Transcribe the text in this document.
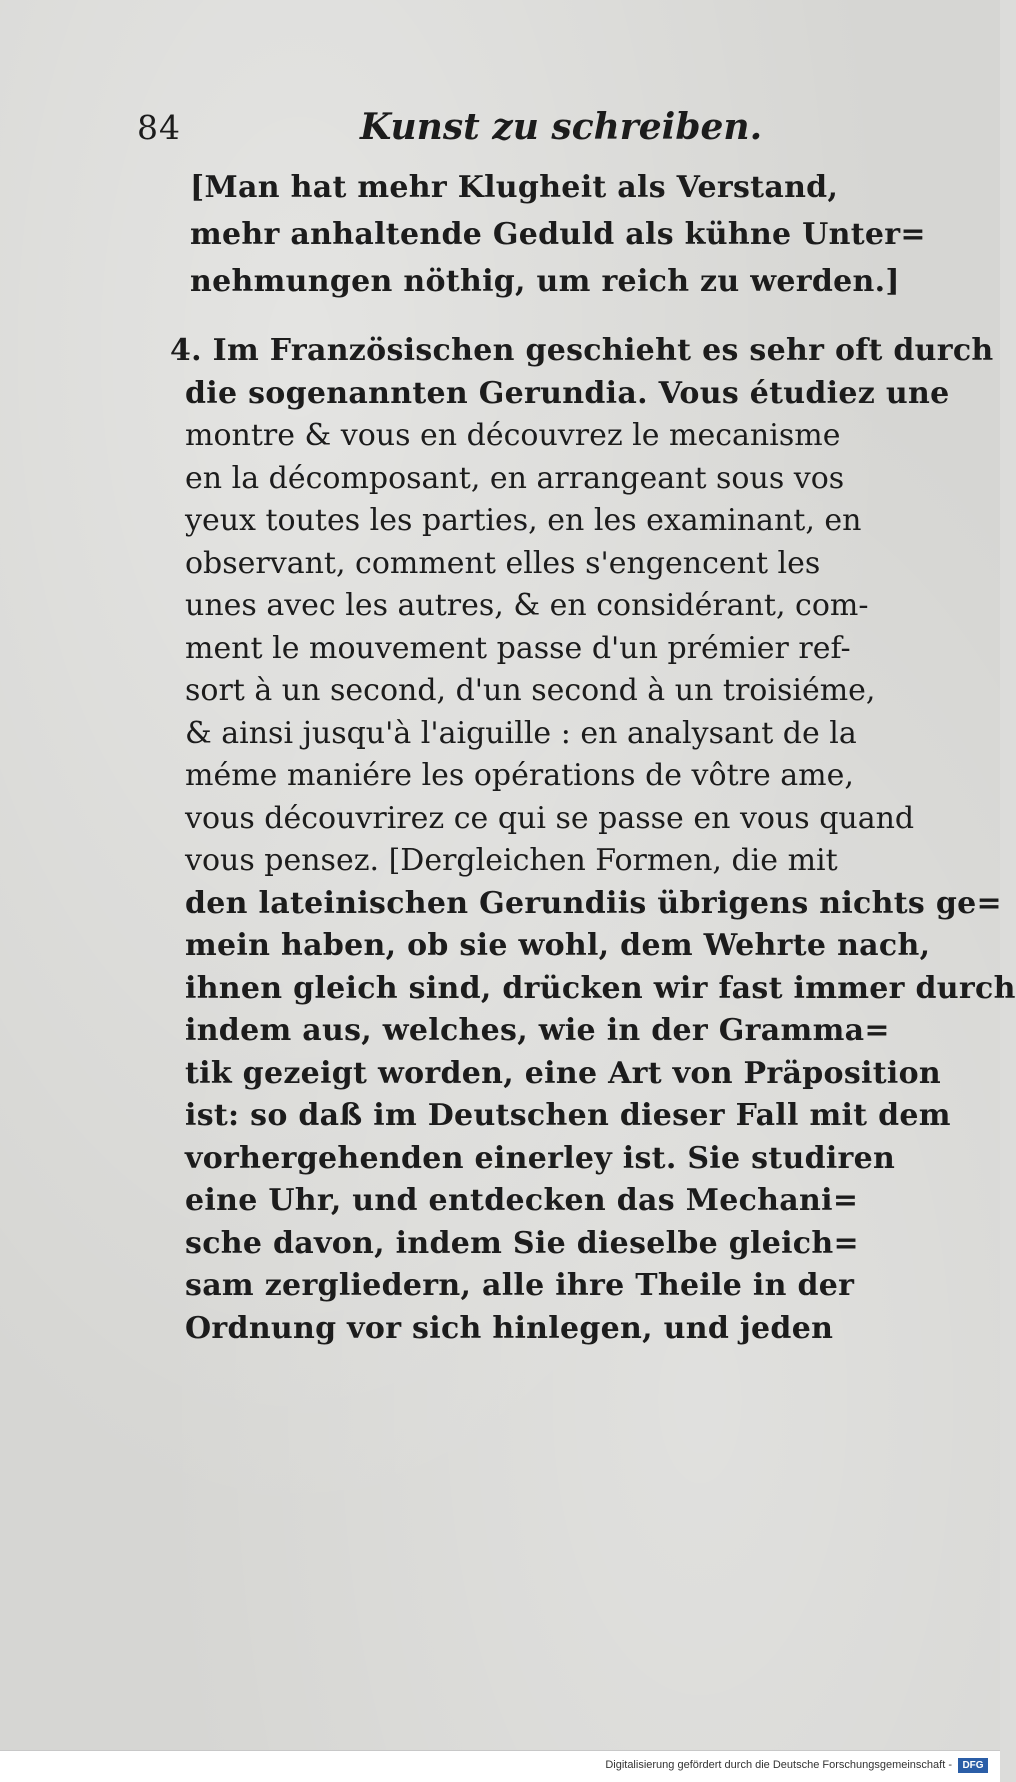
84	Kunst zu schreiben.
[Man hat mehr Klugheit als Verstand,
mehr anhaltende Geduld als kühne Unter=
nehmungen nöthig, um reich zu werden.]
4. Im Französischen geschieht es sehr oft durch
die sogenannten Gerundia. Vous étudiez une
montre & vous en découvrez le mecanisme
en la décomposant, en arrangeant sous vos
yeux toutes les parties, en les examinant, en
observant, comment elles s'engencent les
unes avec les autres, & en considérant, com-
ment le mouvement passe d'un prémier ref-
sort à un second, d'un second à un troisiéme,
& ainsi jusqu'à l'aiguille : en analysant de la
méme maniére les opérations de vôtre ame,
vous découvrirez ce qui se passe en vous quand
vous pensez. [Dergleichen Formen, die mit
den lateinischen Gerundiis übrigens nichts ge=
mein haben, ob sie wohl, dem Wehrte nach,
ihnen gleich sind, drücken wir fast immer durch
indem aus, welches, wie in der Gramma=
tik gezeigt worden, eine Art von Präposition
ist: so daß im Deutschen dieser Fall mit dem
vorhergehenden einerley ist. Sie studiren
eine Uhr, und entdecken das Mechani=
sche davon, indem Sie dieselbe gleich=
sam zergliedern, alle ihre Theile in der
Ordnung vor sich hinlegen, und jeden
Digitalisierung gefördert durch die Deutsche Forschungsgemeinschaft -	DFG
